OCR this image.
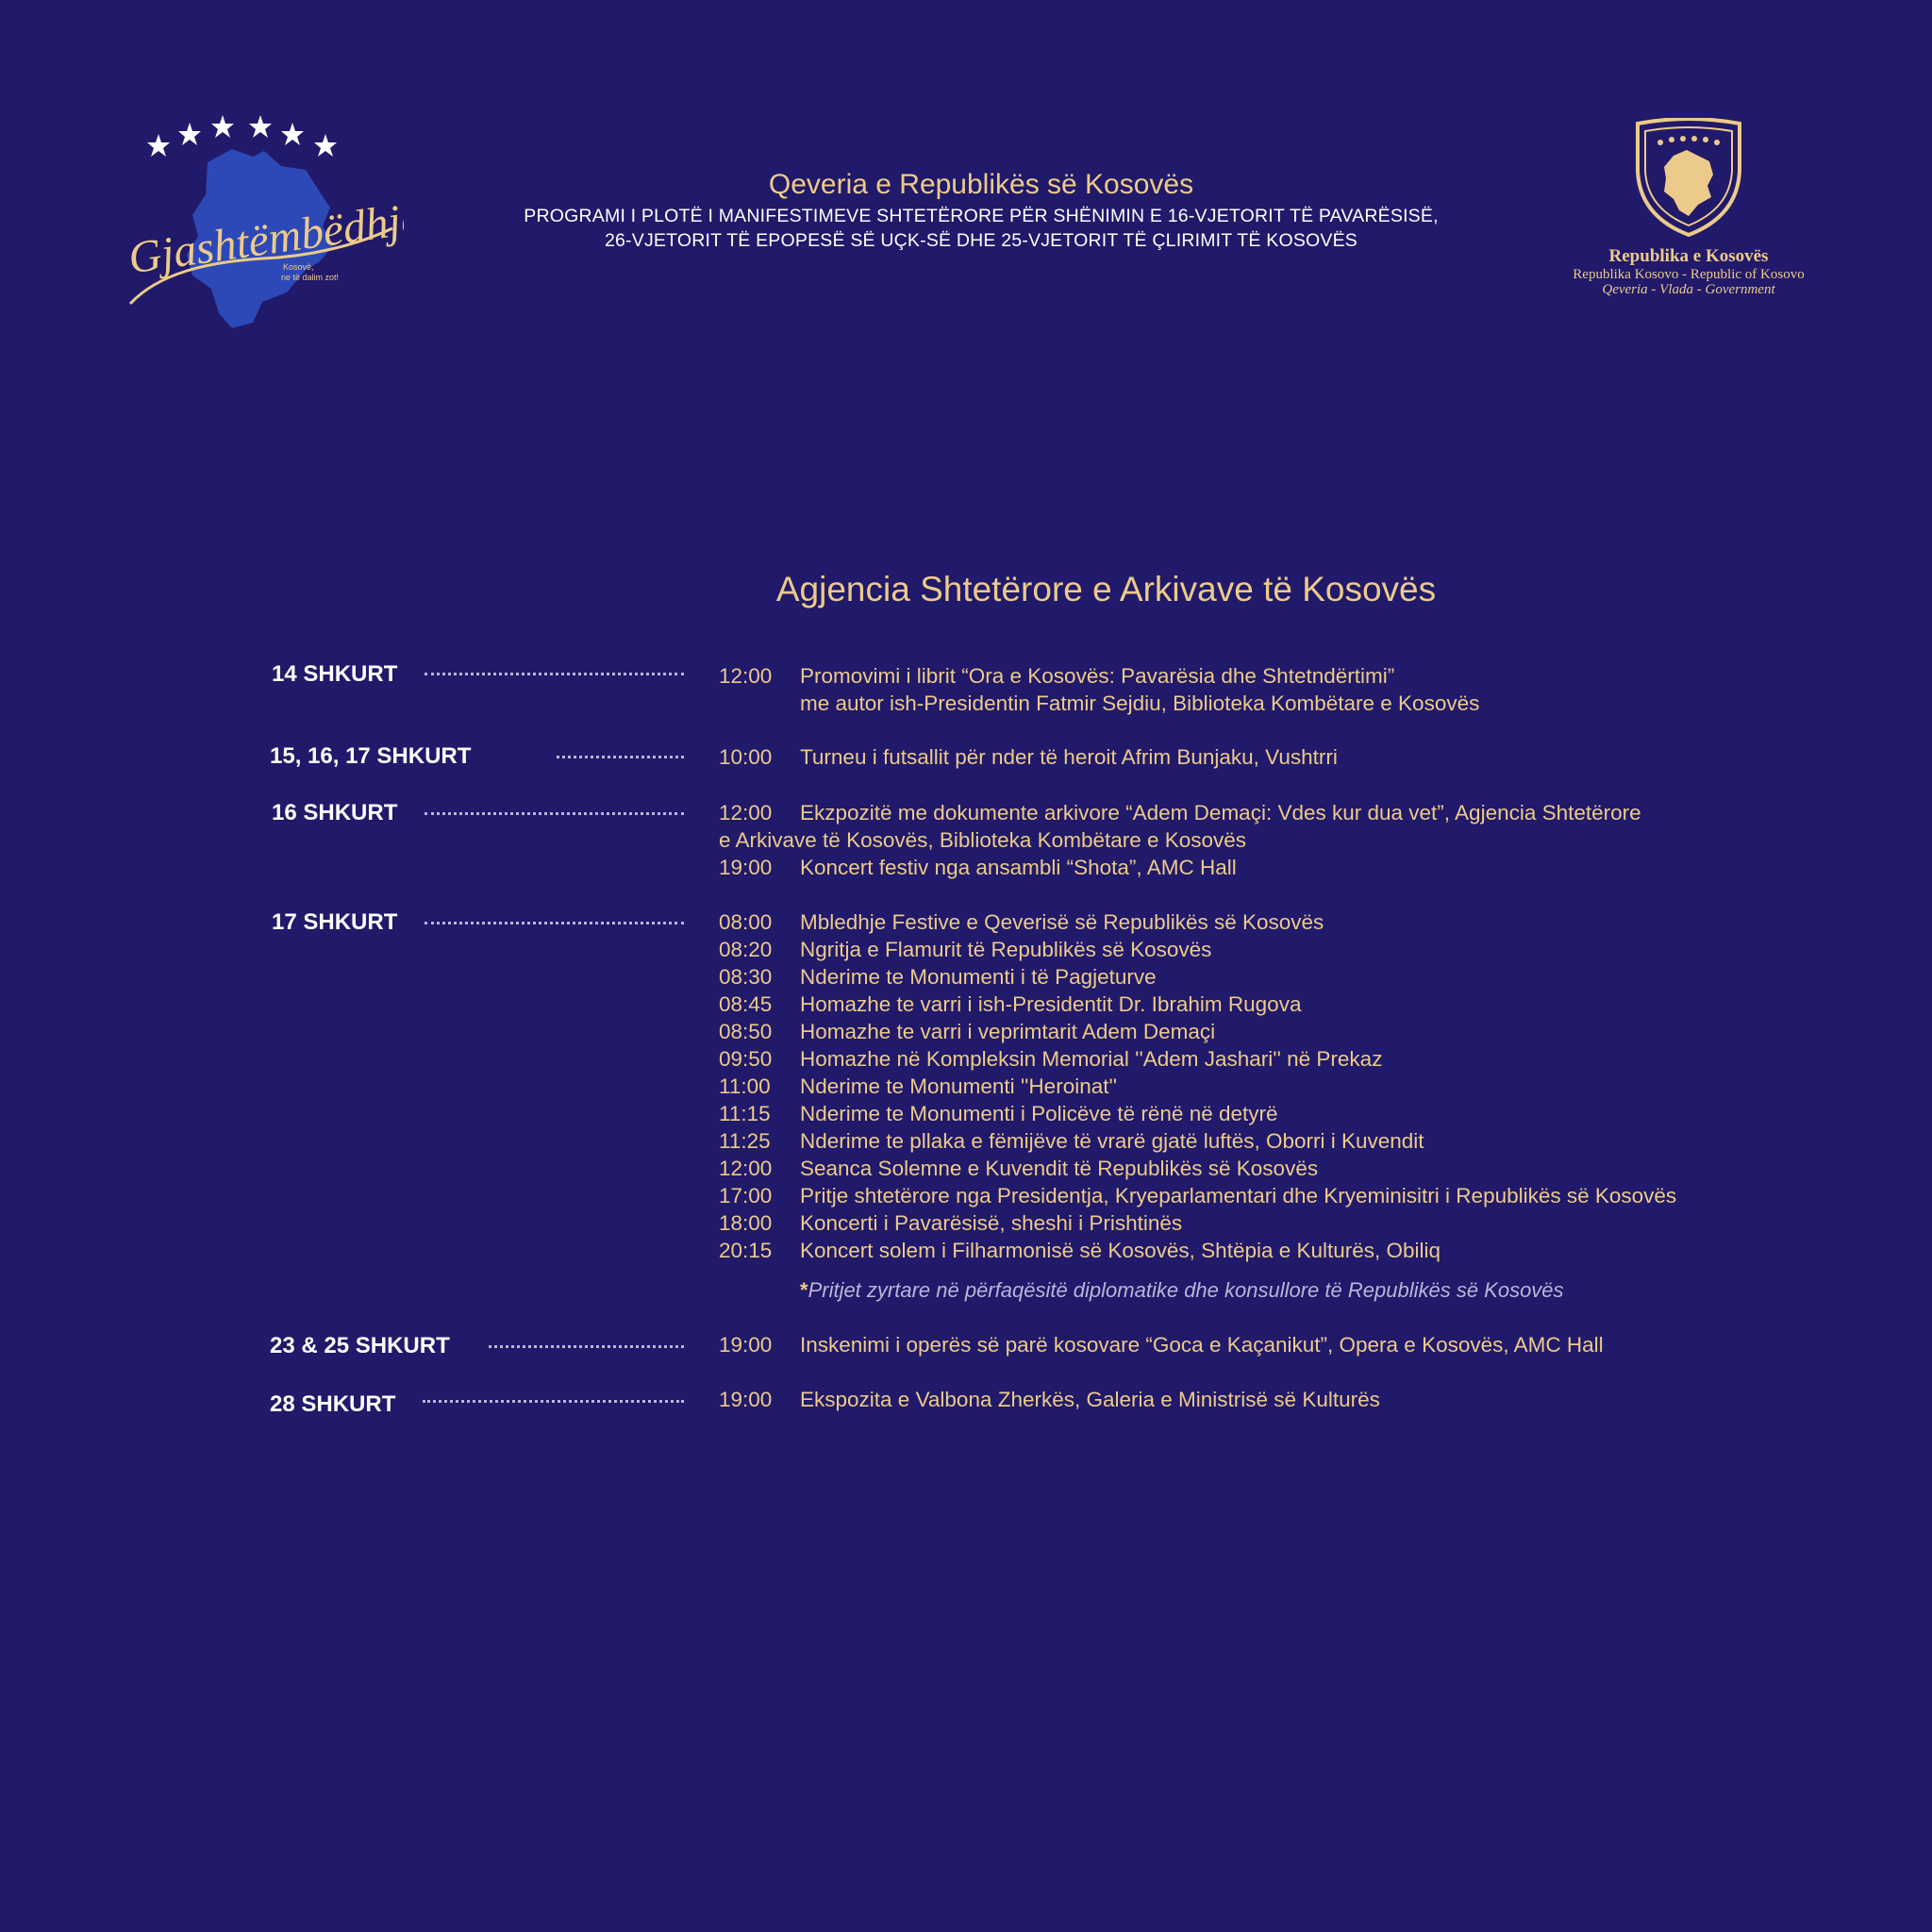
Gjashtëmbëdhjetë
Kosovë,
ne të dalim zot!
Qeveria e Republikës së Kosovës
PROGRAMI I PLOTË I MANIFESTIMEVE SHTETËRORE PËR SHËNIMIN E 16-VJETORIT TË PAVARËSISË,
26-VJETORIT TË EPOPESË SË UÇK-SË DHE 25-VJETORIT TË ÇLIRIMIT TË KOSOVËS
Republika e Kosovës
Republika Kosovo - Republic of Kosovo
Qeveria - Vlada - Government
Agjencia Shtetërore e Arkivave të Kosovës
14 SHKURT	12:00 Promovimi i librit “Ora e Kosovës: Pavarësia dhe Shtetndërtimi”
me autor ish-Presidentin Fatmir Sejdiu, Biblioteka Kombëtare e Kosovës
15, 16, 17 SHKURT	10:00 Turneu i futsallit për nder të heroit Afrim Bunjaku, Vushtrri
16 SHKURT	12:00 Ekzpozitë me dokumente arkivore “Adem Demaçi: Vdes kur dua vet”, Agjencia Shtetërore
e Arkivave të Kosovës, Biblioteka Kombëtare e Kosovës
19:00 Koncert festiv nga ansambli “Shota”, AMC Hall
17 SHKURT	08:00 Mbledhje Festive e Qeverisë së Republikës së Kosovës
08:20 Ngritja e Flamurit të Republikës së Kosovës
08:30 Nderime te Monumenti i të Pagjeturve
08:45 Homazhe te varri i ish-Presidentit Dr. Ibrahim Rugova
08:50 Homazhe te varri i veprimtarit Adem Demaçi
09:50 Homazhe në Kompleksin Memorial ''Adem Jashari'' në Prekaz
11:00 Nderime te Monumenti ''Heroinat''
11:15 Nderime te Monumenti i Policëve të rënë në detyrë
11:25 Nderime te pllaka e fëmijëve të vrarë gjatë luftës, Oborri i Kuvendit
12:00 Seanca Solemne e Kuvendit të Republikës së Kosovës
17:00 Pritje shtetërore nga Presidentja, Kryeparlamentari dhe Kryeminisitri i Republikës së Kosovës
18:00 Koncerti i Pavarësisë, sheshi i Prishtinës
20:15 Koncert solem i Filharmonisë së Kosovës, Shtëpia e Kulturës, Obiliq
*Pritjet zyrtare në përfaqësitë diplomatike dhe konsullore të Republikës së Kosovës
23 & 25 SHKURT	19:00 Inskenimi i operës së parë kosovare “Goca e Kaçanikut”, Opera e Kosovës, AMC Hall
28 SHKURT	19:00 Ekspozita e Valbona Zherkës, Galeria e Ministrisë së Kulturës
